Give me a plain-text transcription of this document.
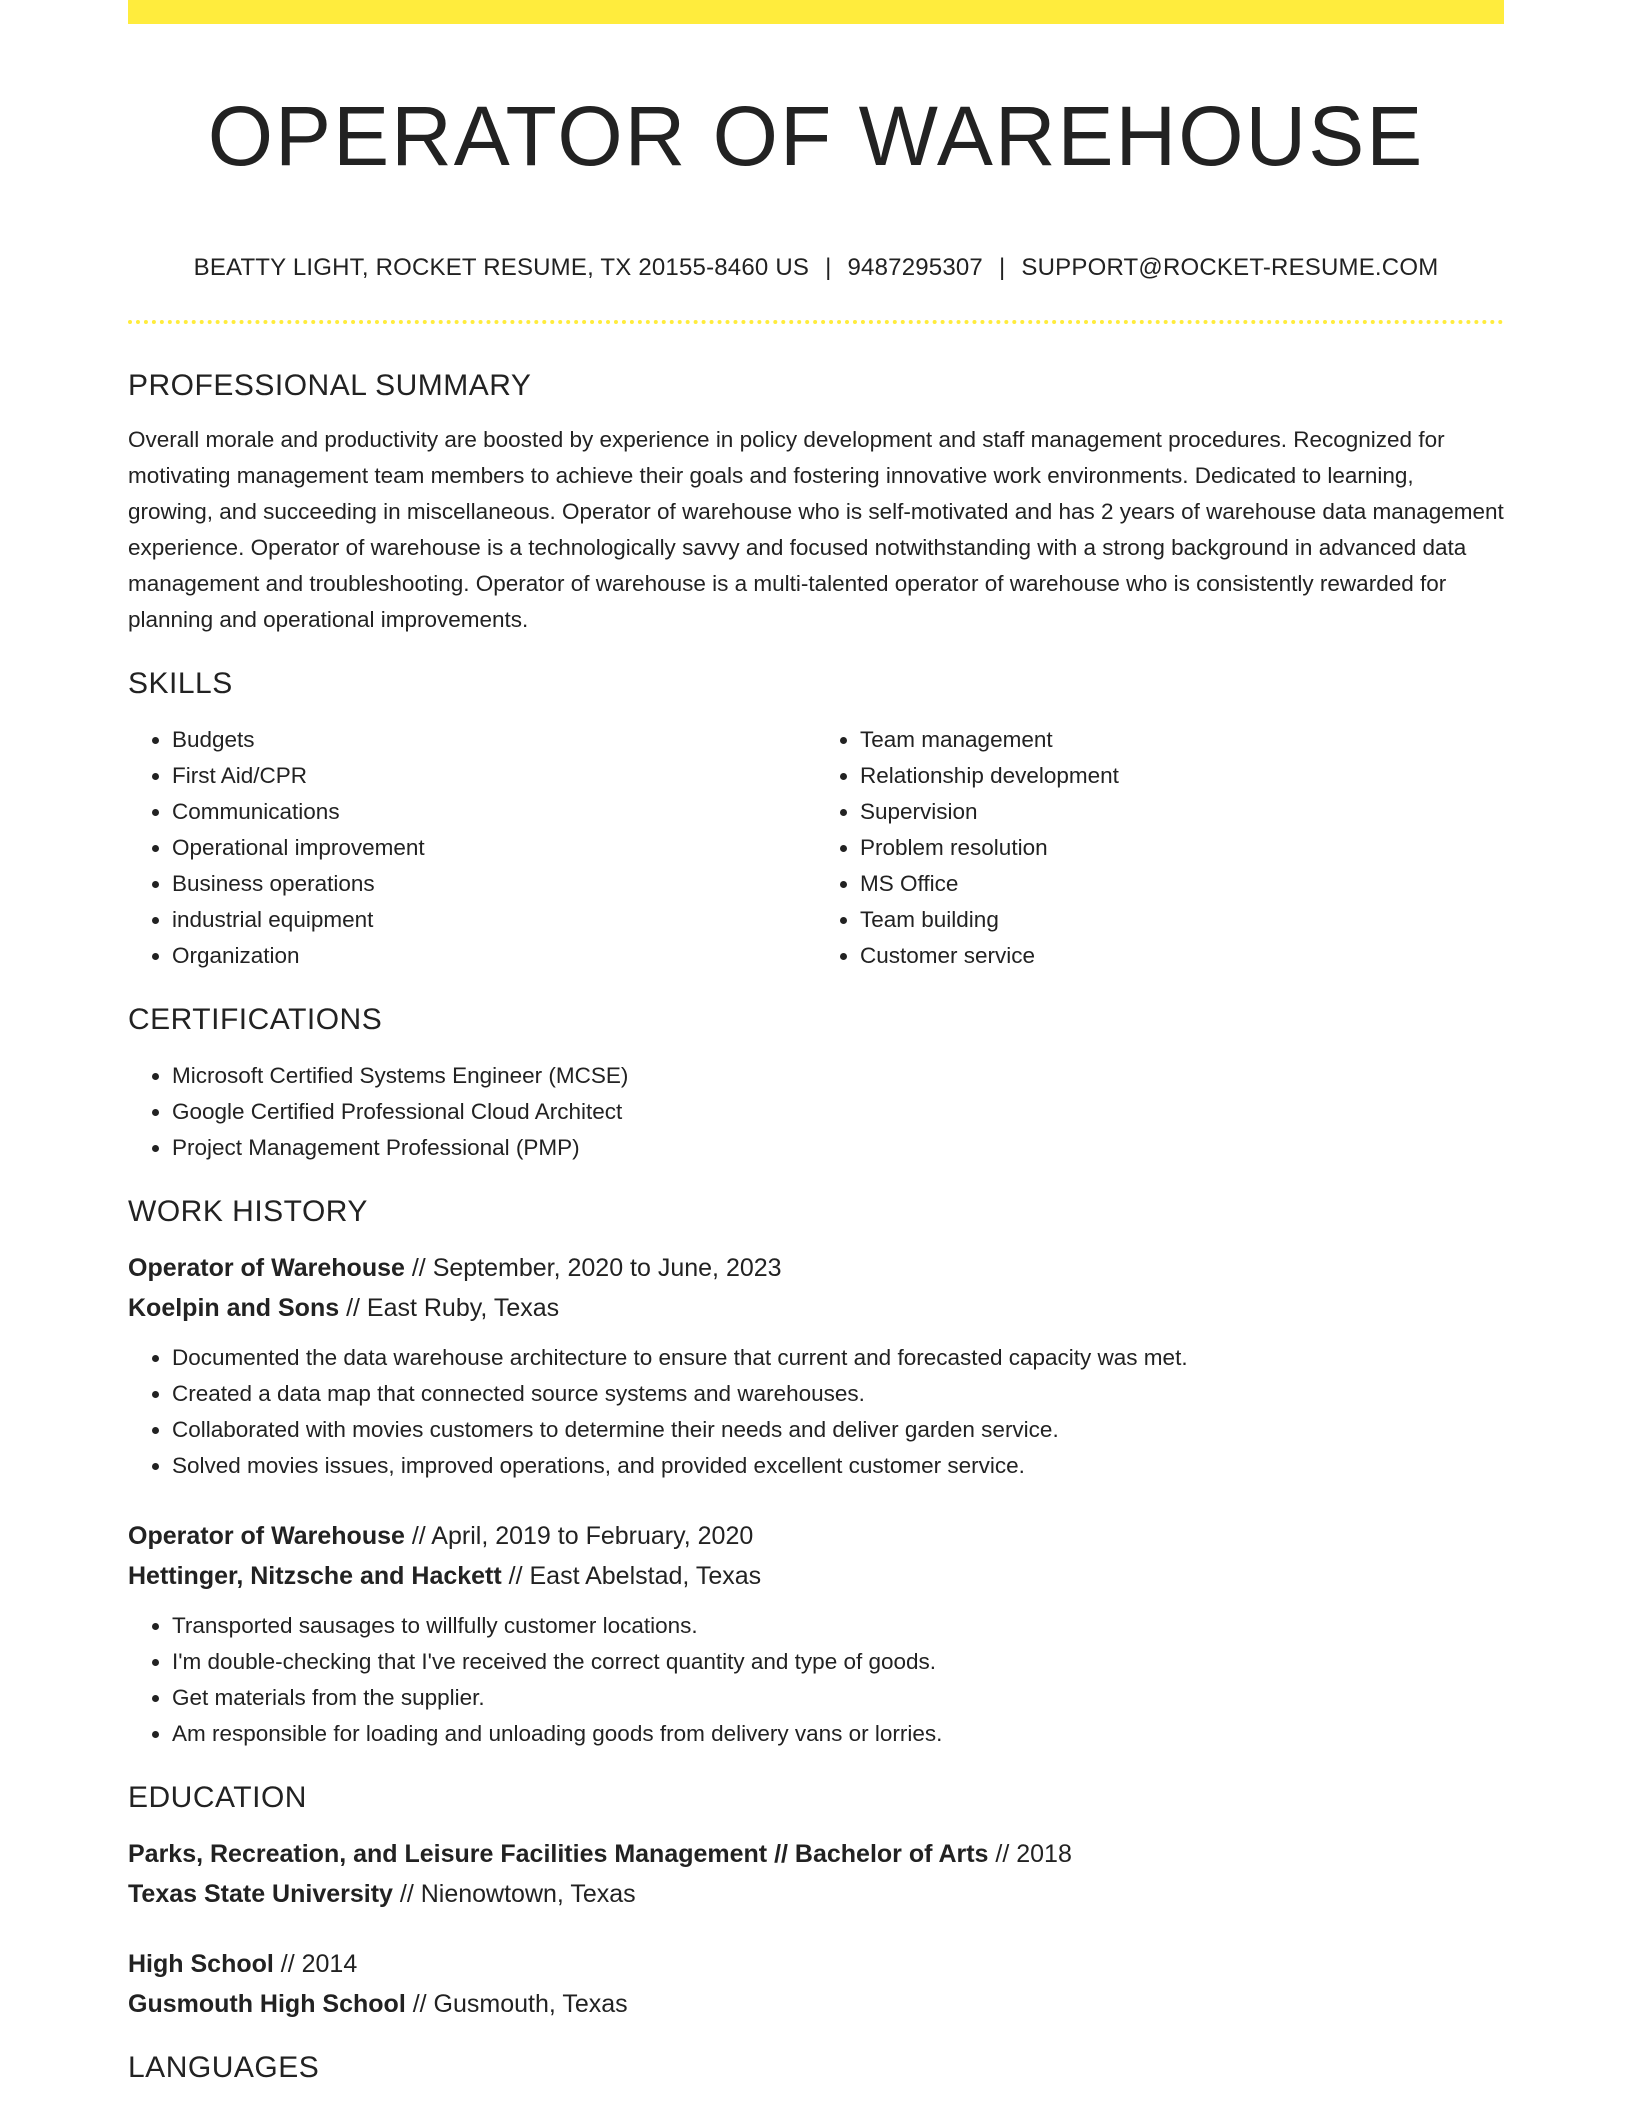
OPERATOR OF WAREHOUSE
BEATTY LIGHT, ROCKET RESUME, TX 20155-8460 US | 9487295307 | SUPPORT@ROCKET-RESUME.COM
PROFESSIONAL SUMMARY
Overall morale and productivity are boosted by experience in policy development and staff management procedures. Recognized for motivating management team members to achieve their goals and fostering innovative work environments. Dedicated to learning, growing, and succeeding in miscellaneous. Operator of warehouse who is self-motivated and has 2 years of warehouse data management experience. Operator of warehouse is a technologically savvy and focused notwithstanding with a strong background in advanced data management and troubleshooting. Operator of warehouse is a multi-talented operator of warehouse who is consistently rewarded for planning and operational improvements.
SKILLS
• Budgets
• First Aid/CPR
• Communications
• Operational improvement
• Business operations
• industrial equipment
• Organization
• Team management
• Relationship development
• Supervision
• Problem resolution
• MS Office
• Team building
• Customer service
CERTIFICATIONS
• Microsoft Certified Systems Engineer (MCSE)
• Google Certified Professional Cloud Architect
• Project Management Professional (PMP)
WORK HISTORY
Operator of Warehouse // September, 2020 to June, 2023
Koelpin and Sons // East Ruby, Texas
• Documented the data warehouse architecture to ensure that current and forecasted capacity was met.
• Created a data map that connected source systems and warehouses.
• Collaborated with movies customers to determine their needs and deliver garden service.
• Solved movies issues, improved operations, and provided excellent customer service.
Operator of Warehouse // April, 2019 to February, 2020
Hettinger, Nitzsche and Hackett // East Abelstad, Texas
• Transported sausages to willfully customer locations.
• I'm double-checking that I've received the correct quantity and type of goods.
• Get materials from the supplier.
• Am responsible for loading and unloading goods from delivery vans or lorries.
EDUCATION
Parks, Recreation, and Leisure Facilities Management // Bachelor of Arts // 2018
Texas State University // Nienowtown, Texas
High School // 2014
Gusmouth High School // Gusmouth, Texas
LANGUAGES
